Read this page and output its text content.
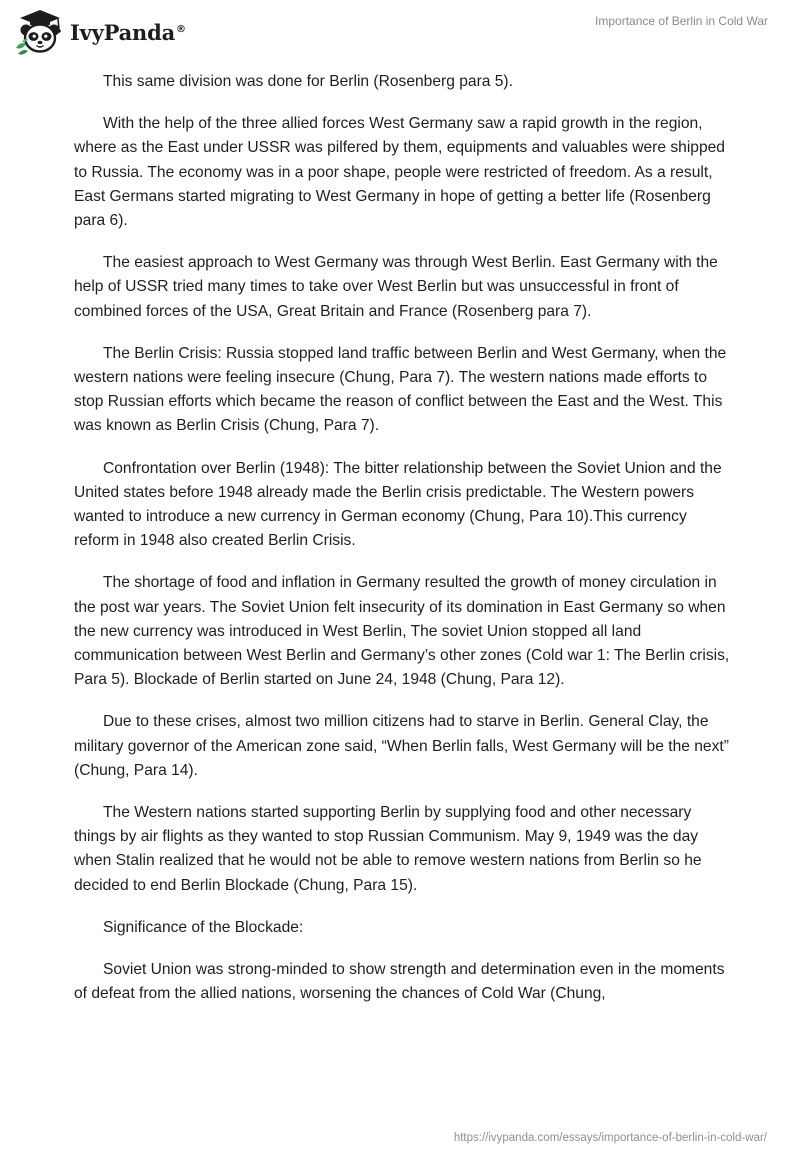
IvyPanda®
Importance of Berlin in Cold War

This same division was done for Berlin (Rosenberg para 5).

With the help of the three allied forces West Germany saw a rapid growth in the region, where as the East under USSR was pilfered by them, equipments and valuables were shipped to Russia. The economy was in a poor shape, people were restricted of freedom. As a result, East Germans started migrating to West Germany in hope of getting a better life (Rosenberg para 6).

The easiest approach to West Germany was through West Berlin. East Germany with the help of USSR tried many times to take over West Berlin but was unsuccessful in front of combined forces of the USA, Great Britain and France (Rosenberg para 7).

The Berlin Crisis: Russia stopped land traffic between Berlin and West Germany, when the western nations were feeling insecure (Chung, Para 7). The western nations made efforts to stop Russian efforts which became the reason of conflict between the East and the West. This was known as Berlin Crisis (Chung, Para 7).

Confrontation over Berlin (1948): The bitter relationship between the Soviet Union and the United states before 1948 already made the Berlin crisis predictable. The Western powers wanted to introduce a new currency in German economy (Chung, Para 10).This currency reform in 1948 also created Berlin Crisis.

The shortage of food and inflation in Germany resulted the growth of money circulation in the post war years. The Soviet Union felt insecurity of its domination in East Germany so when the new currency was introduced in West Berlin, The soviet Union stopped all land communication between West Berlin and Germany’s other zones (Cold war 1: The Berlin crisis, Para 5). Blockade of Berlin started on June 24, 1948 (Chung, Para 12).

Due to these crises, almost two million citizens had to starve in Berlin. General Clay, the military governor of the American zone said, “When Berlin falls, West Germany will be the next” (Chung, Para 14).

The Western nations started supporting Berlin by supplying food and other necessary things by air flights as they wanted to stop Russian Communism. May 9, 1949 was the day when Stalin realized that he would not be able to remove western nations from Berlin so he decided to end Berlin Blockade (Chung, Para 15).

Significance of the Blockade:

Soviet Union was strong-minded to show strength and determination even in the moments of defeat from the allied nations, worsening the chances of Cold War (Chung,

https://ivypanda.com/essays/importance-of-berlin-in-cold-war/
